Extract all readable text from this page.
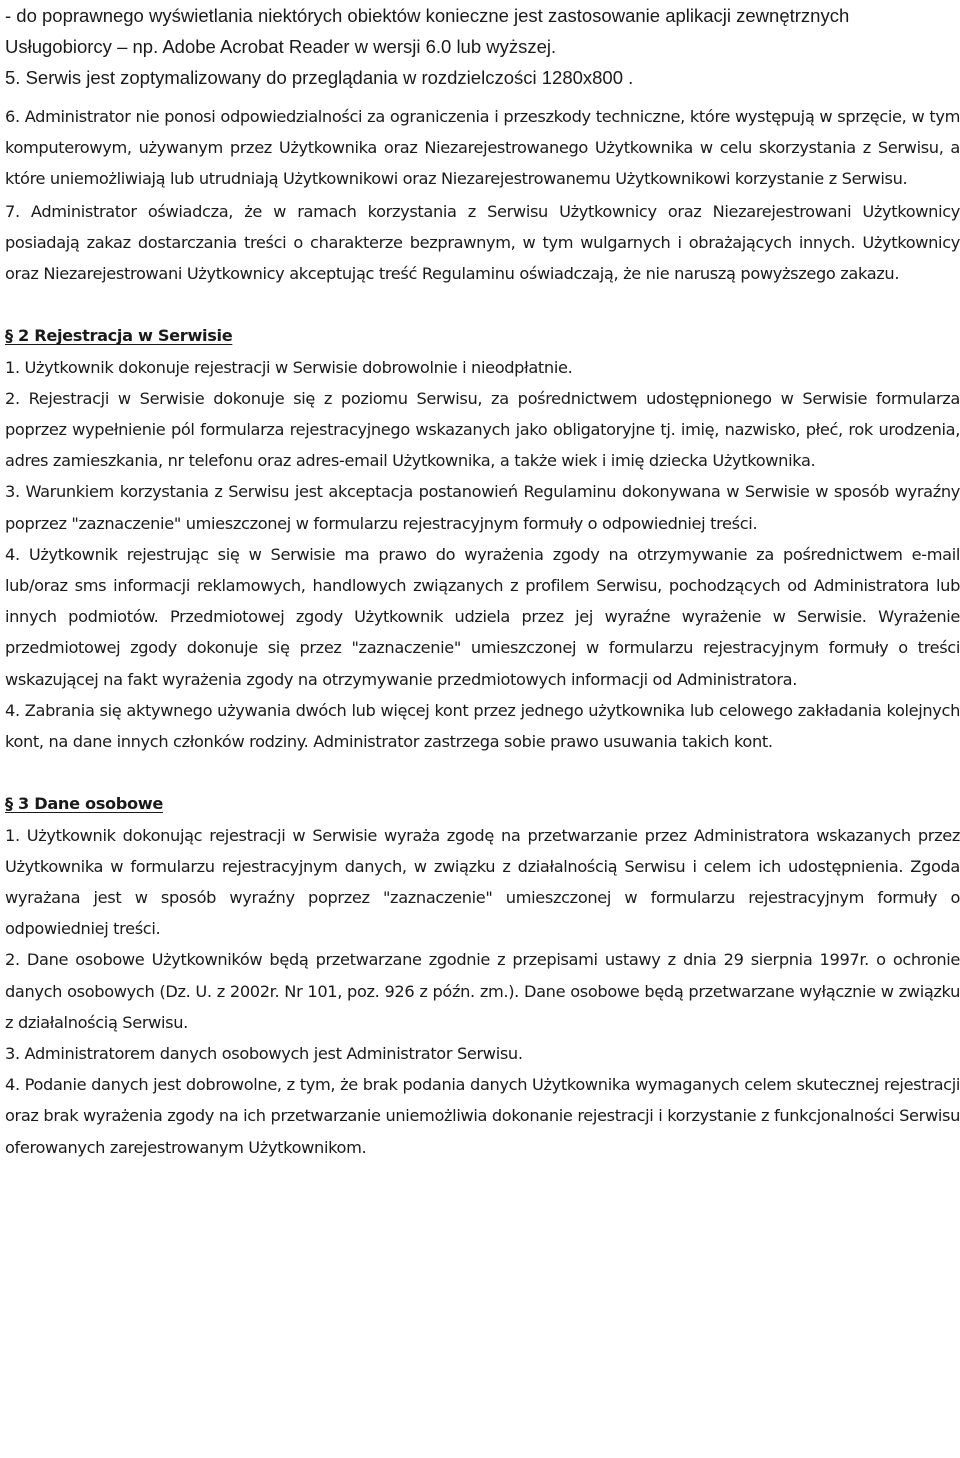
- do poprawnego wyświetlania niektórych obiektów konieczne jest zastosowanie aplikacji zewnętrznych Usługobiorcy – np. Adobe Acrobat Reader w wersji 6.0 lub wyższej.

5. Serwis jest zoptymalizowany do przeglądania w rozdzielczości 1280x800 .

6. Administrator nie ponosi odpowiedzialności za ograniczenia i przeszkody techniczne, które występują w sprzęcie, w tym komputerowym, używanym przez Użytkownika oraz Niezarejestrowanego Użytkownika w celu skorzystania z Serwisu, a które uniemożliwiają lub utrudniają Użytkownikowi oraz Niezarejestrowanemu Użytkownikowi korzystanie z Serwisu.

7. Administrator oświadcza, że w ramach korzystania z Serwisu Użytkownicy oraz Niezarejestrowani Użytkownicy posiadają zakaz dostarczania treści o charakterze bezprawnym, w tym wulgarnych i obrażających innych. Użytkownicy oraz Niezarejestrowani Użytkownicy akceptując treść Regulaminu oświadczają, że nie naruszą powyższego zakazu.

§ 2 Rejestracja w Serwisie

1. Użytkownik dokonuje rejestracji w Serwisie dobrowolnie i nieodpłatnie.

2. Rejestracji w Serwisie dokonuje się z poziomu Serwisu, za pośrednictwem udostępnionego w Serwisie formularza poprzez wypełnienie pól formularza rejestracyjnego wskazanych jako obligatoryjne tj. imię, nazwisko, płeć, rok urodzenia, adres zamieszkania, nr telefonu oraz adres-email Użytkownika, a także wiek i imię dziecka Użytkownika.

3. Warunkiem korzystania z Serwisu jest akceptacja postanowień Regulaminu dokonywana w Serwisie w sposób wyraźny poprzez "zaznaczenie" umieszczonej w formularzu rejestracyjnym formuły o odpowiedniej treści.

4. Użytkownik rejestrując się w Serwisie ma prawo do wyrażenia zgody na otrzymywanie za pośrednictwem e-mail lub/oraz sms informacji reklamowych, handlowych związanych z profilem Serwisu, pochodzących od Administratora lub innych podmiotów. Przedmiotowej zgody Użytkownik udziela przez jej wyraźne wyrażenie w Serwisie. Wyrażenie przedmiotowej zgody dokonuje się przez "zaznaczenie" umieszczonej w formularzu rejestracyjnym formuły o treści wskazującej na fakt wyrażenia zgody na otrzymywanie przedmiotowych informacji od Administratora.

4. Zabrania się aktywnego używania dwóch lub więcej kont przez jednego użytkownika lub celowego zakładania kolejnych kont, na dane innych członków rodziny. Administrator zastrzega sobie prawo usuwania takich kont.

§ 3 Dane osobowe

1. Użytkownik dokonując rejestracji w Serwisie wyraża zgodę na przetwarzanie przez Administratora wskazanych przez Użytkownika w formularzu rejestracyjnym danych, w związku z działalnością Serwisu i celem ich udostępnienia. Zgoda wyrażana jest w sposób wyraźny poprzez "zaznaczenie" umieszczonej w formularzu rejestracyjnym formuły o odpowiedniej treści.

2. Dane osobowe Użytkowników będą przetwarzane zgodnie z przepisami ustawy z dnia 29 sierpnia 1997r. o ochronie danych osobowych (Dz. U. z 2002r. Nr 101, poz. 926 z późn. zm.). Dane osobowe będą przetwarzane wyłącznie w związku z działalnością Serwisu.

3. Administratorem danych osobowych jest Administrator Serwisu.

4. Podanie danych jest dobrowolne, z tym, że brak podania danych Użytkownika wymaganych celem skutecznej rejestracji oraz brak wyrażenia zgody na ich przetwarzanie uniemożliwia dokonanie rejestracji i korzystanie z funkcjonalności Serwisu oferowanych zarejestrowanym Użytkownikom.
